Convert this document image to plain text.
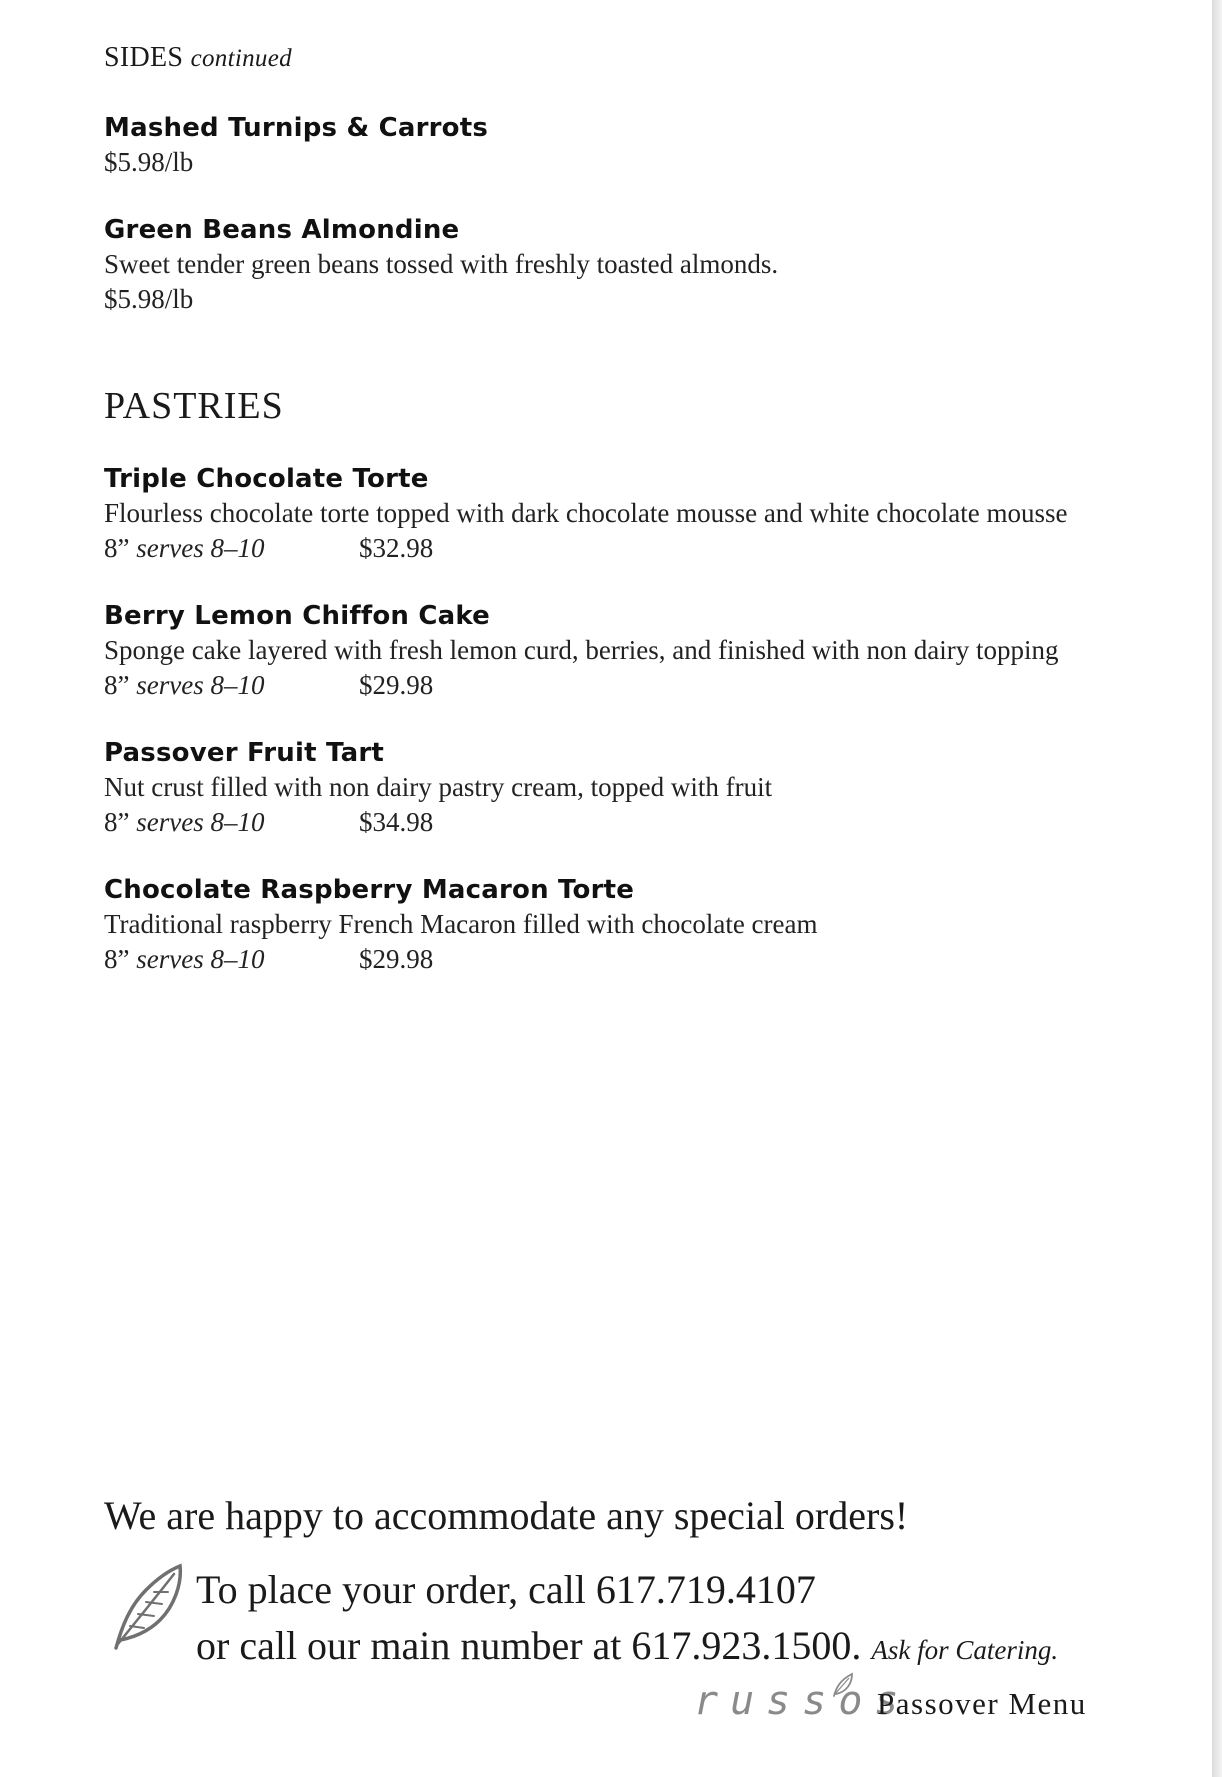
SIDES continued
Mashed Turnips & Carrots
$5.98/lb
Green Beans Almondine
Sweet tender green beans tossed with freshly toasted almonds.
$5.98/lb
PASTRIES
Triple Chocolate Torte
Flourless chocolate torte topped with dark chocolate mousse and white chocolate mousse
8” serves 8–10	$32.98
Berry Lemon Chiffon Cake
Sponge cake layered with fresh lemon curd, berries, and finished with non dairy topping
8” serves 8–10	$29.98
Passover Fruit Tart
Nut crust filled with non dairy pastry cream, topped with fruit
8” serves 8–10	$34.98
Chocolate Raspberry Macaron Torte
Traditional raspberry French Macaron filled with chocolate cream
8” serves 8–10	$29.98
We are happy to accommodate any special orders!
To place your order, call 617.719.4107
or call our main number at 617.923.1500. Ask for Catering.
russos
Passover Menu
